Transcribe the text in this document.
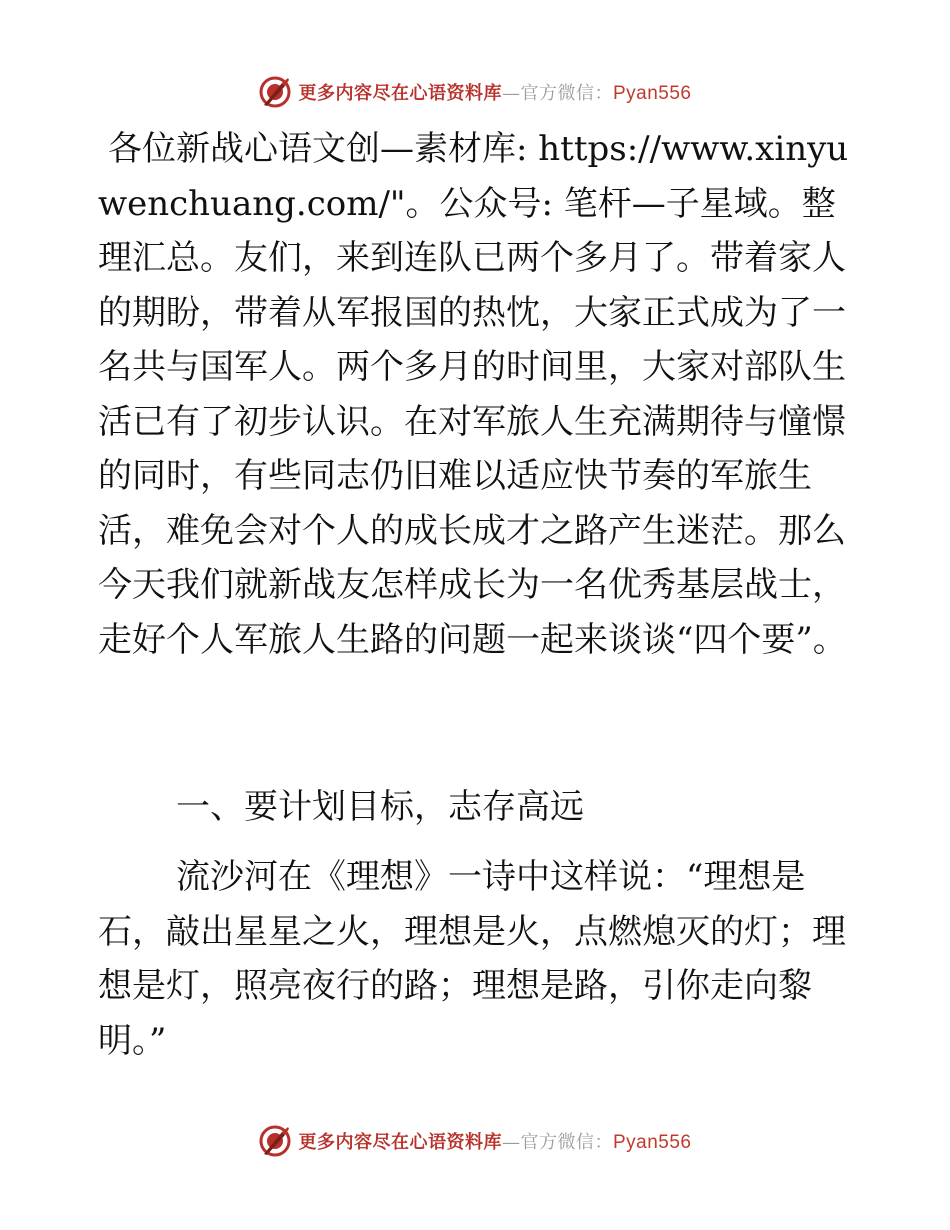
更多内容尽在心语资料库—官方微信：Pyan556

各位新战心语文创—素材库: https://www.xinyuwenchuang.com/"。公众号: 笔杆—子星域。整理汇总。友们，来到连队已两个多月了。带着家人的期盼，带着从军报国的热忱，大家正式成为了一名共与国军人。两个多月的时间里，大家对部队生活已有了初步认识。在对军旅人生充满期待与憧憬的同时，有些同志仍旧难以适应快节奏的军旅生活，难免会对个人的成长成才之路产生迷茫。那么今天我们就新战友怎样成长为一名优秀基层战士，走好个人军旅人生路的问题一起来谈谈“四个要”。

一、要计划目标，志存高远

流沙河在《理想》一诗中这样说：“理想是石，敲出星星之火，理想是火，点燃熄灭的灯；理想是灯，照亮夜行的路；理想是路，引你走向黎明。”

更多内容尽在心语资料库—官方微信：Pyan556
